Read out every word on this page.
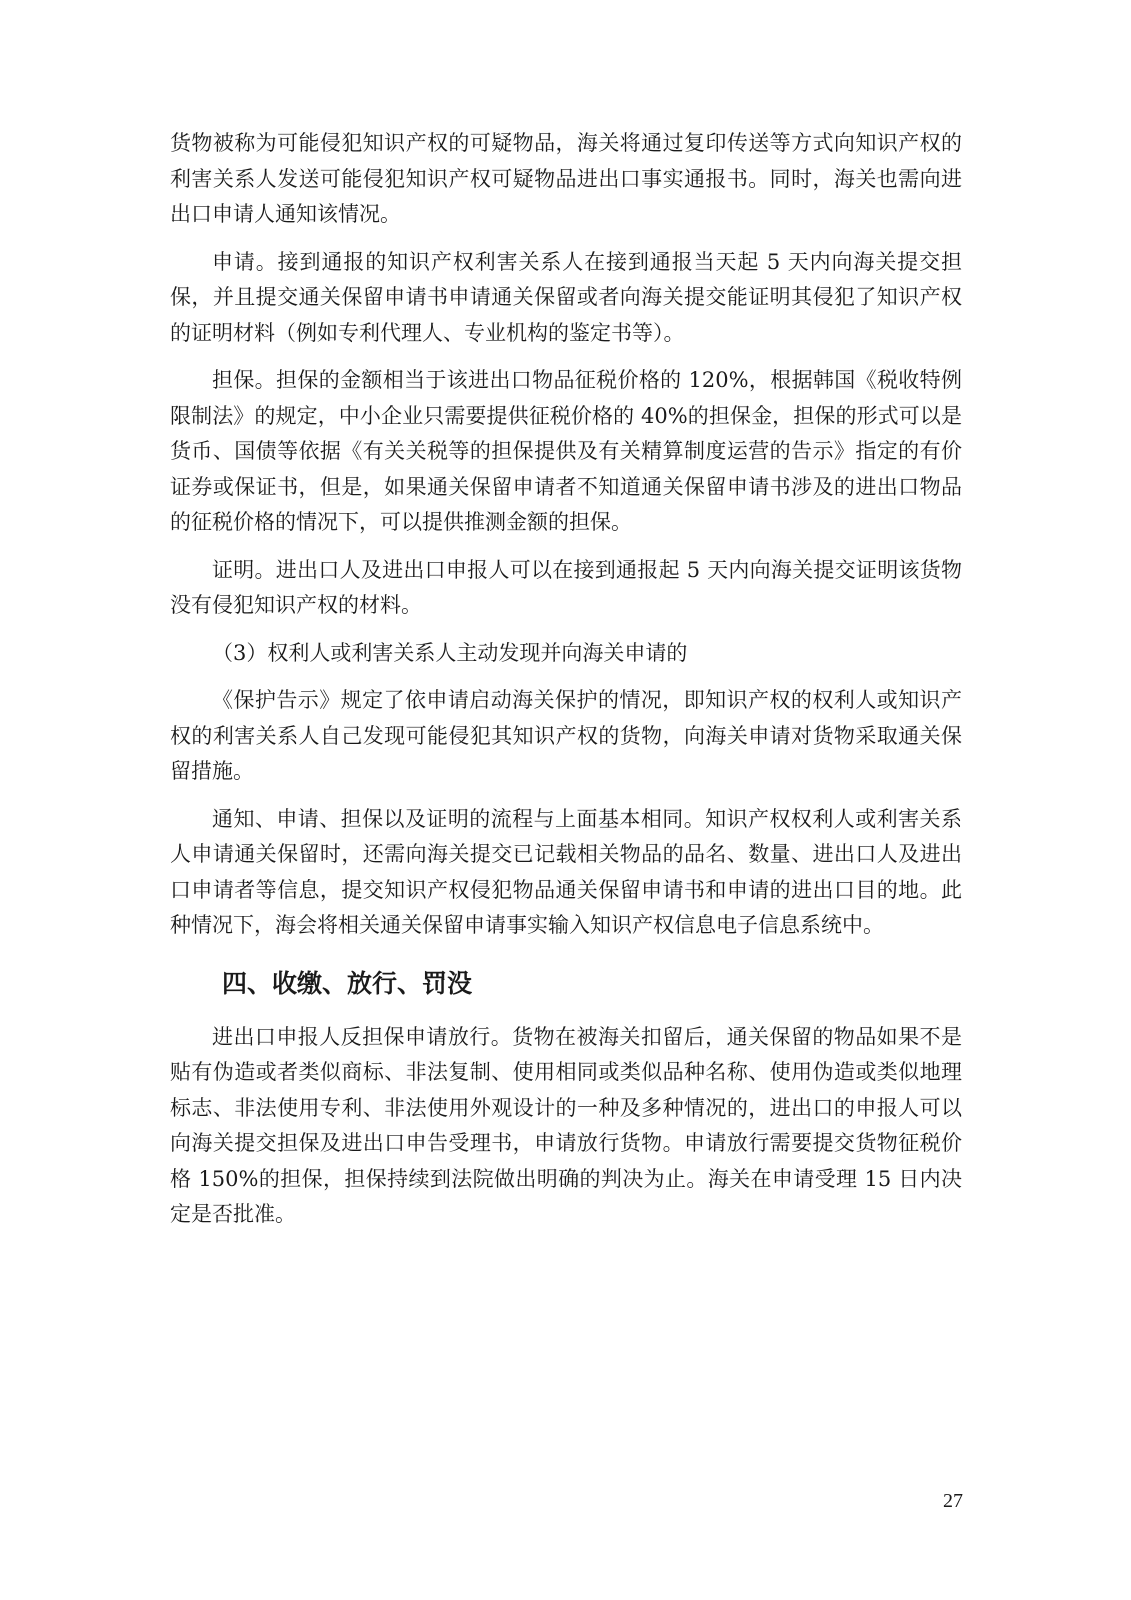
货物被称为可能侵犯知识产权的可疑物品，海关将通过复印传送等方式向知识产权的利害关系人发送可能侵犯知识产权可疑物品进出口事实通报书。同时，海关也需向进出口申请人通知该情况。

申请。接到通报的知识产权利害关系人在接到通报当天起 5 天内向海关提交担保，并且提交通关保留申请书申请通关保留或者向海关提交能证明其侵犯了知识产权的证明材料（例如专利代理人、专业机构的鉴定书等）。

担保。担保的金额相当于该进出口物品征税价格的 120%，根据韩国《税收特例限制法》的规定，中小企业只需要提供征税价格的 40%的担保金，担保的形式可以是货币、国债等依据《有关关税等的担保提供及有关精算制度运营的告示》指定的有价证券或保证书，但是，如果通关保留申请者不知道通关保留申请书涉及的进出口物品的征税价格的情况下，可以提供推测金额的担保。

证明。进出口人及进出口申报人可以在接到通报起 5 天内向海关提交证明该货物没有侵犯知识产权的材料。

（3）权利人或利害关系人主动发现并向海关申请的

《保护告示》规定了依申请启动海关保护的情况，即知识产权的权利人或知识产权的利害关系人自己发现可能侵犯其知识产权的货物，向海关申请对货物采取通关保留措施。

通知、申请、担保以及证明的流程与上面基本相同。知识产权权利人或利害关系人申请通关保留时，还需向海关提交已记载相关物品的品名、数量、进出口人及进出口申请者等信息，提交知识产权侵犯物品通关保留申请书和申请的进出口目的地。此种情况下，海会将相关通关保留申请事实输入知识产权信息电子信息系统中。

四、收缴、放行、罚没

进出口申报人反担保申请放行。货物在被海关扣留后，通关保留的物品如果不是贴有伪造或者类似商标、非法复制、使用相同或类似品种名称、使用伪造或类似地理标志、非法使用专利、非法使用外观设计的一种及多种情况的，进出口的申报人可以向海关提交担保及进出口申告受理书，申请放行货物。申请放行需要提交货物征税价格 150%的担保，担保持续到法院做出明确的判决为止。海关在申请受理 15 日内决定是否批准。

27
